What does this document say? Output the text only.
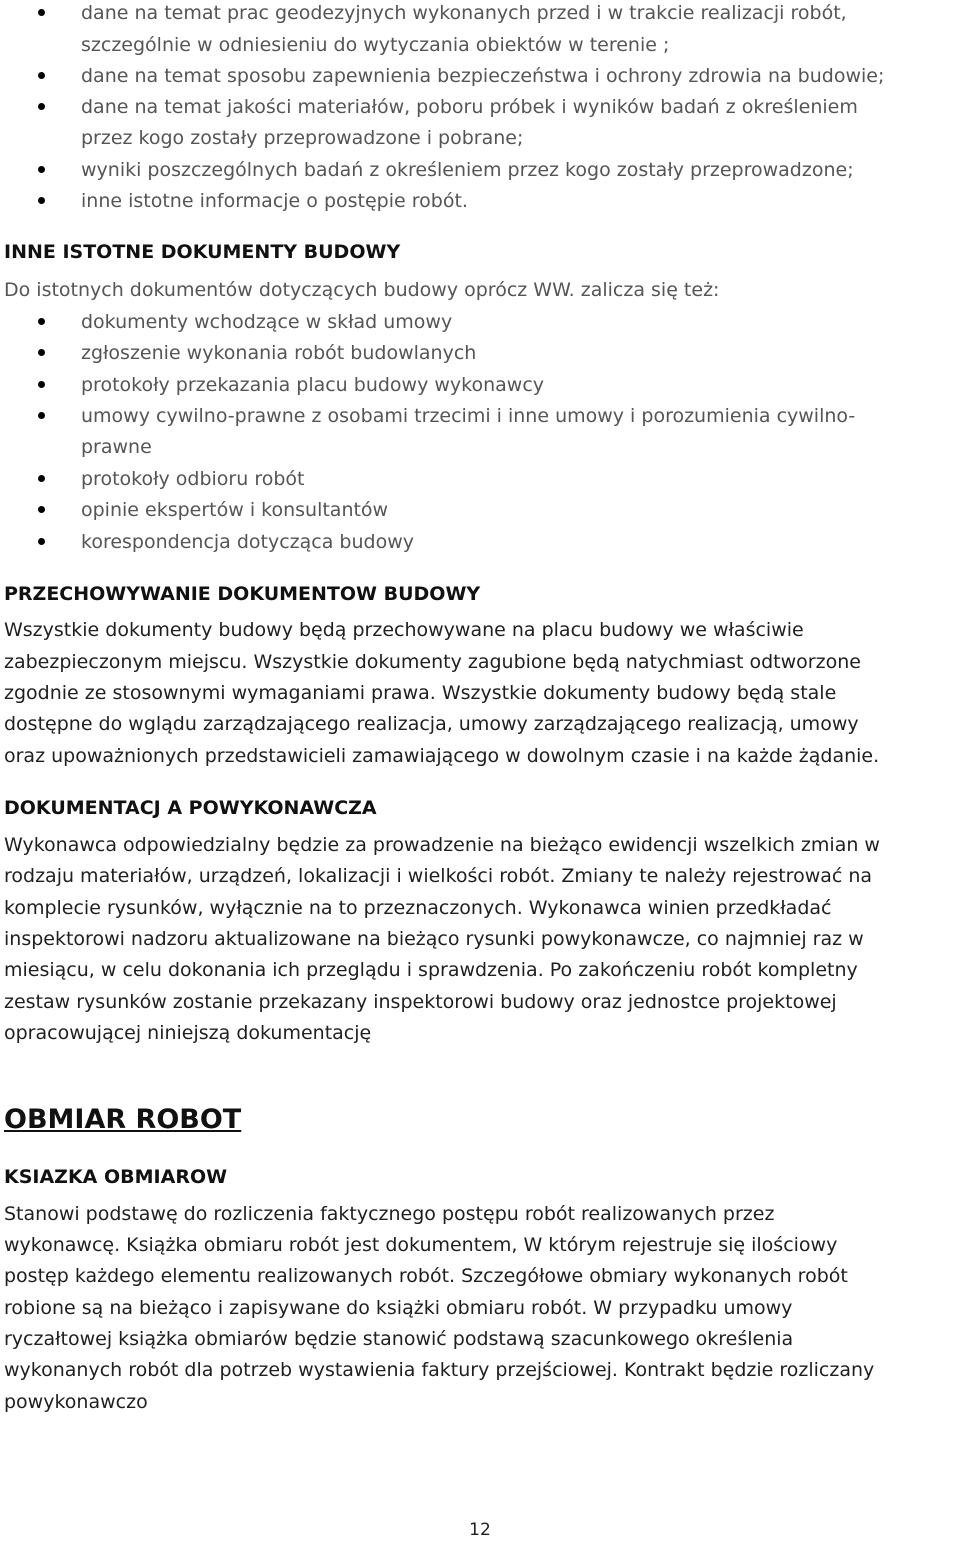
dane na temat prac geodezyjnych wykonanych przed i w trakcie realizacji robót,
szczególnie w odniesieniu do wytyczania obiektów w terenie ;
dane na temat sposobu zapewnienia bezpieczeństwa i ochrony zdrowia na budowie;
dane na temat jakości materiałów, poboru próbek i wyników badań z określeniem
przez kogo zostały przeprowadzone i pobrane;
wyniki poszczególnych badań z określeniem przez kogo zostały przeprowadzone;
inne istotne informacje o postępie robót.
INNE ISTOTNE DOKUMENTY BUDOWY
Do istotnych dokumentów dotyczących budowy oprócz WW. zalicza się też:
dokumenty wchodzące w skład umowy
zgłoszenie wykonania robót budowlanych
protokoły przekazania placu budowy wykonawcy
umowy cywilno-prawne z osobami trzecimi i inne umowy i porozumienia cywilno-
prawne
protokoły odbioru robót
opinie ekspertów i konsultantów
korespondencja dotycząca budowy
PRZECHOWYWANIE DOKUMENTOW BUDOWY
Wszystkie dokumenty budowy będą przechowywane na placu budowy we właściwie
zabezpieczonym miejscu. Wszystkie dokumenty zagubione będą natychmiast odtworzone
zgodnie ze stosownymi wymaganiami prawa. Wszystkie dokumenty budowy będą stale
dostępne do wglądu zarządzającego realizacja, umowy zarządzającego realizacją, umowy
oraz upoważnionych przedstawicieli zamawiającego w dowolnym czasie i na każde żądanie.
DOKUMENTACJ A POWYKONAWCZA
Wykonawca odpowiedzialny będzie za prowadzenie na bieżąco ewidencji wszelkich zmian w
rodzaju materiałów, urządzeń, lokalizacji i wielkości robót. Zmiany te należy rejestrować na
komplecie rysunków, wyłącznie na to przeznaczonych. Wykonawca winien przedkładać
inspektorowi nadzoru aktualizowane na bieżąco rysunki powykonawcze, co najmniej raz w
miesiącu, w celu dokonania ich przeglądu i sprawdzenia. Po zakończeniu robót kompletny
zestaw rysunków zostanie przekazany inspektorowi budowy oraz jednostce projektowej
opracowującej niniejszą dokumentację
OBMIAR ROBOT
KSIAZKA OBMIAROW
Stanowi podstawę do rozliczenia faktycznego postępu robót realizowanych przez
wykonawcę. Książka obmiaru robót jest dokumentem, W którym rejestruje się ilościowy
postęp każdego elementu realizowanych robót. Szczegółowe obmiary wykonanych robót
robione są na bieżąco i zapisywane do książki obmiaru robót. W przypadku umowy
ryczałtowej książka obmiarów będzie stanowić podstawą szacunkowego określenia
wykonanych robót dla potrzeb wystawienia faktury przejściowej. Kontrakt będzie rozliczany
powykonawczo
12
